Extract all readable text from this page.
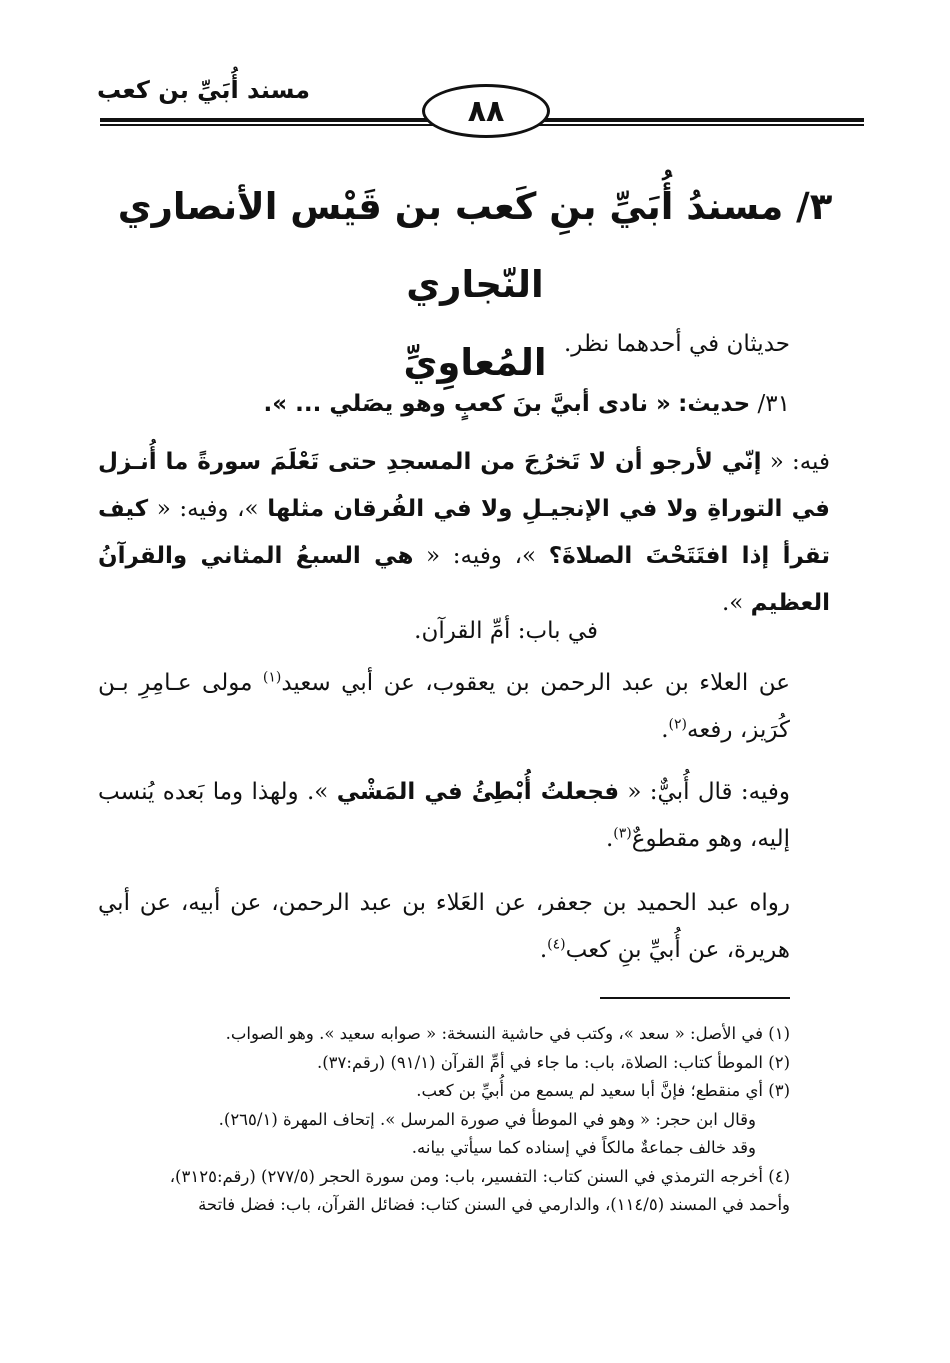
مسند أُبَيِّ بن كعب
٨٨
٣/ مسندُ أُبَيِّ بنِ كَعب بن قَيْس الأنصاري النّجاري
المُعاوِيِّ حديثان في أحدهما نظر.
٣١/ حديث: « نادى أبيَّ بنَ كعبٍ وهو يصَلي ... ».
فيه: « إنّي لأرجو أن لا تَخرُجَ من المسجدِ حتى تَعْلَمَ سورةً ما أُنـزل في التوراةِ ولا في الإنجيـلِ ولا في الفُرقان مثلها »، وفيه: « كيف تقرأ إذا افتَتَحْتَ الصلاةَ؟ »، وفيه: « هي السبعُ المثاني والقرآنُ العظيم ».
في باب: أمِّ القرآن.
عن العلاء بن عبد الرحمن بن يعقوب، عن أبي سعيد$^{(١)}$ مولى عـامِرِ بـن كُرَيز، رفعه$^{(٢)}$.
وفيه: قال أُبيٌّ: « فجعلتُ أُبْطِئُ في المَشْي ». ولهذا وما بَعده يُنسب إليه، وهو مقطوعٌ$^{(٣)}$.
رواه عبد الحميد بن جعفر، عن العَلاء بن عبد الرحمن، عن أبيه، عن أبي هريرة، عن أُبيِّ بنِ كعب$^{(٤)}$.

(١) في الأصل: « سعد »، وكتب في حاشية النسخة: « صوابه سعيد ». وهو الصواب.

(٢) الموطأ كتاب: الصلاة، باب: ما جاء في أمِّ القرآن (٩١/١) (رقم:٣٧).

(٣) أي منقطع؛ فإنَّ أبا سعيد لم يسمع من أُبيِّ بن كعب.

وقال ابن حجر: « وهو في الموطأ في صورة المرسل ». إتحاف المهرة (٢٦٥/١).

وقد خالف جماعةٌ مالكاً في إسناده كما سيأتي بيانه.

(٤) أخرجه الترمذي في السنن كتاب: التفسير، باب: ومن سورة الحجر (٢٧٧/٥) (رقم:٣١٢٥)،

وأحمد في المسند (١١٤/٥)، والدارمي في السنن كتاب: فضائل القرآن، باب: فضل فاتحة
